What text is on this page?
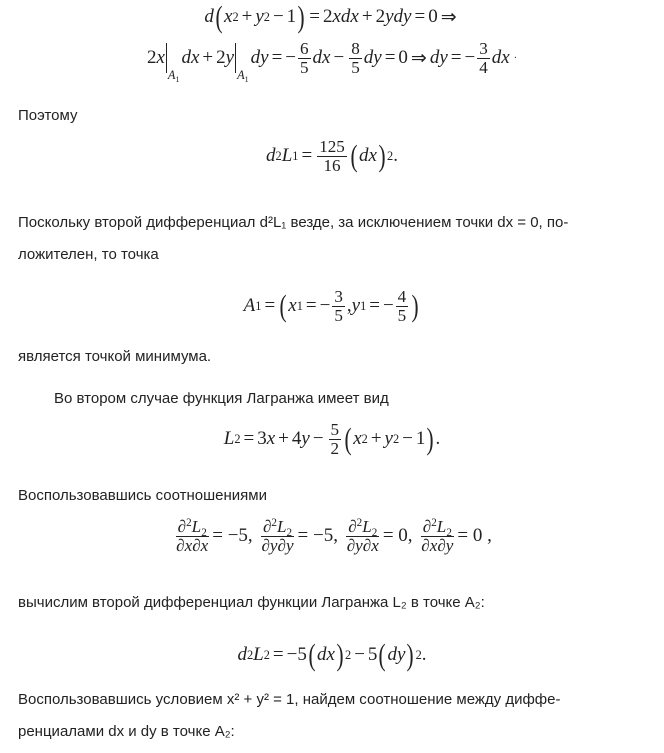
d ( x 2 + y 2 − 1 ) = 2 xdx + 2 ydy = 0 ⇒
2 x
$A_1$
dx + 2 y
$A_1$
dy = − $\frac{6}{5}$ dx − $\frac{8}{5}$ dy = 0 ⇒ dy = − $\frac{3}{4}$ dx ·
Поэтому
d 2 L $1 = \frac{125}{16}$ ( dx ) 2 .
Поскольку второй дифференциал d²L₁ везде, за исключением точки dx = 0, по-
ложителен, то точка
A 1 = ( x 1 = − $\frac{3}{5}$ , y 1 = − $\frac{4}{5}$ )
является точкой минимума.
Во втором случае функция Лагранжа имеет вид
L 2 = 3 x + 4 $y - \frac{5}{2}$ ( x 2 + y 2 − 1 ) .
Воспользовавшись соотношениями
$\frac{\partial^2L_2}{\partial x\partial x} = -5$,
$\frac{\partial^2L_2}{\partial y\partial y} = -5$,
$\frac{\partial^2L_2}{\partial y\partial x} = 0$,
$\frac{\partial^2L_2}{\partial x\partial y} = 0$ ,
вычислим второй дифференциал функции Лагранжа L₂ в точке A₂:
d 2 L 2 = −5 ( dx ) 2 − 5 ( dy ) 2 .
Воспользовавшись условием x² + y² = 1, найдем соотношение между диффе-
ренциалами dx и dy в точке A₂:
